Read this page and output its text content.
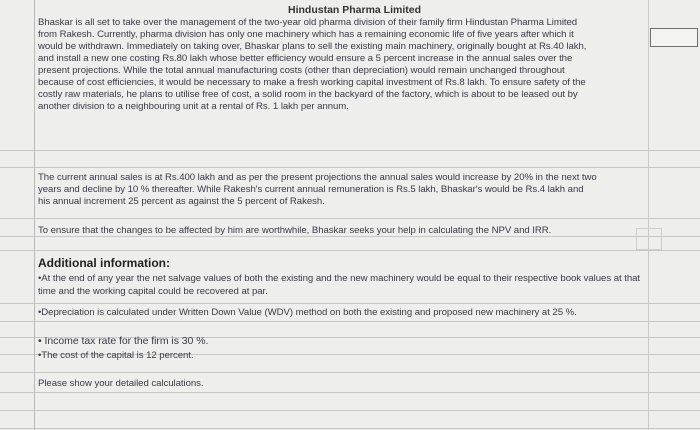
Hindustan Pharma Limited
Bhaskar is all set to take over the management of the two-year old pharma division of their family firm Hindustan Pharma Limited
from Rakesh. Currently, pharma division has only one machinery which has a remaining economic life of five years after which it
would be withdrawn. Immediately on taking over, Bhaskar plans to sell the existing main machinery, originally bought at Rs.40 lakh,
and install a new one costing Rs.80 lakh whose better efficiency would ensure a 5 percent increase in the annual sales over the
present projections. While the total annual manufacturing costs (other than depreciation) would remain unchanged throughout
because of cost efficiencies, it would be necessary to make a fresh working capital investment of Rs.8 lakh. To ensure safety of the
costly raw materials, he plans to utilise free of cost, a solid room in the backyard of the factory, which is about to be leased out by
another division to a neighbouring unit at a rental of Rs. 1 lakh per annum.
The current annual sales is at Rs.400 lakh and as per the present projections the annual sales would increase by 20% in the next two
years and decline by 10 % thereafter. While Rakesh's current annual remuneration is Rs.5 lakh, Bhaskar's would be Rs.4 lakh and
his annual increment 25 percent as against the 5 percent of Rakesh.
To ensure that the changes to be affected by him are worthwhile, Bhaskar seeks your help in calculating the NPV and IRR.
Additional information:
•At the end of any year the net salvage values of both the existing and the new machinery would be equal to their respective book values at that
time and the working capital could be recovered at par.
•Depreciation is calculated under Written Down Value (WDV) method on both the existing and proposed new machinery at 25 %.
• Income tax rate for the firm is 30 %.
•The cost of the capital is 12 percent.
Please show your detailed calculations.
